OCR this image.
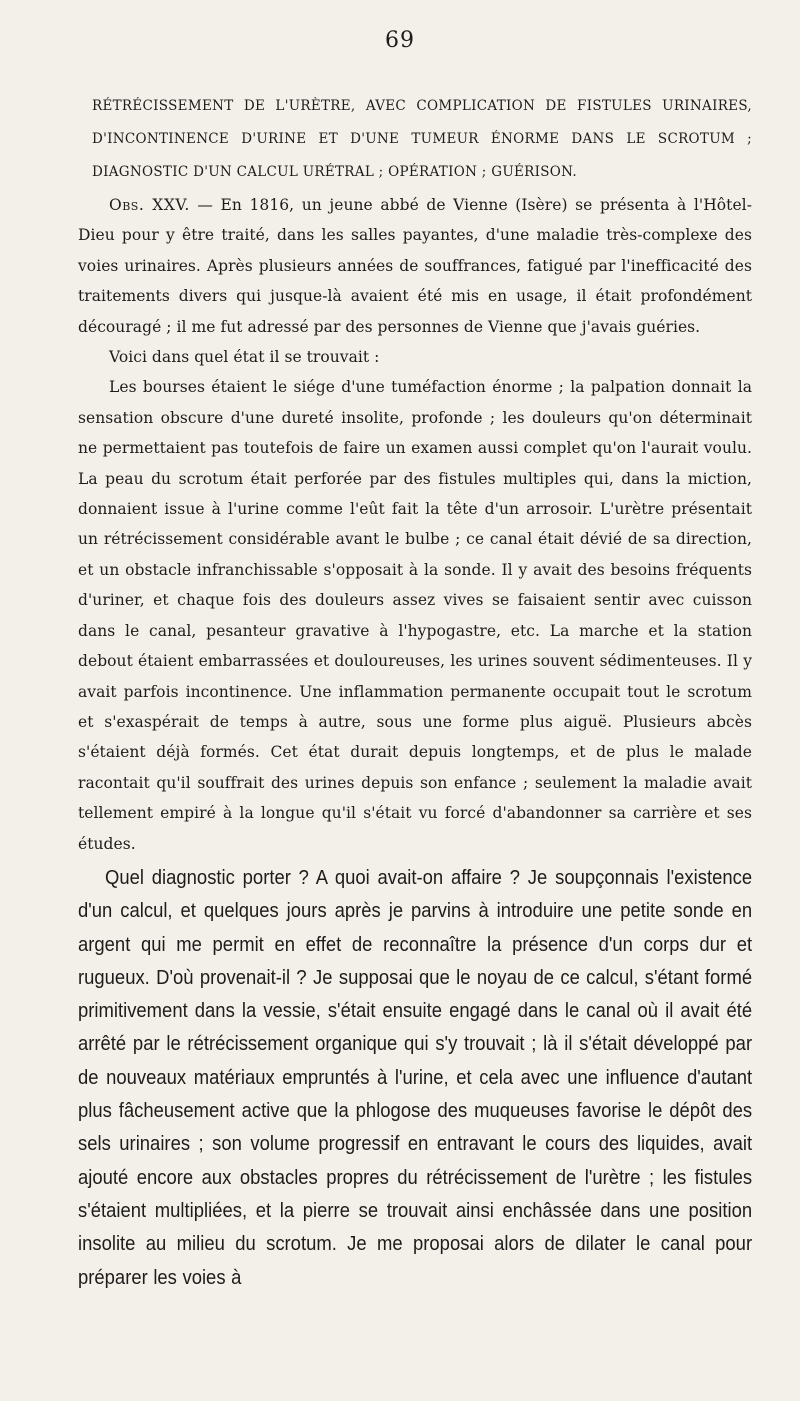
69
RÉTRÉCISSEMENT DE L'URÈTRE, AVEC COMPLICATION DE FISTULES URINAIRES, D'INCONTINENCE D'URINE ET D'UNE TUMEUR ÉNORME DANS LE SCROTUM ; DIAGNOSTIC D'UN CALCUL URÉTRAL ; OPÉRATION ; GUÉRISON.

Obs. XXV. — En 1816, un jeune abbé de Vienne (Isère) se présenta à l'Hôtel-Dieu pour y être traité, dans les salles payantes, d'une maladie très-complexe des voies urinaires. Après plusieurs années de souffrances, fatigué par l'inefficacité des traitements divers qui jusque-là avaient été mis en usage, il était profondément découragé ; il me fut adressé par des personnes de Vienne que j'avais guéries.

Voici dans quel état il se trouvait :

Les bourses étaient le siége d'une tuméfaction énorme ; la palpation donnait la sensation obscure d'une dureté insolite, profonde ; les douleurs qu'on déterminait ne permettaient pas toutefois de faire un examen aussi complet qu'on l'aurait voulu. La peau du scrotum était perforée par des fistules multiples qui, dans la miction, donnaient issue à l'urine comme l'eût fait la tête d'un arrosoir. L'urètre présentait un rétrécissement considérable avant le bulbe ; ce canal était dévié de sa direction, et un obstacle infranchissable s'opposait à la sonde. Il y avait des besoins fréquents d'uriner, et chaque fois des douleurs assez vives se faisaient sentir avec cuisson dans le canal, pesanteur gravative à l'hypogastre, etc. La marche et la station debout étaient embarrassées et douloureuses, les urines souvent sédimenteuses. Il y avait parfois incontinence. Une inflammation permanente occupait tout le scrotum et s'exaspérait de temps à autre, sous une forme plus aiguë. Plusieurs abcès s'étaient déjà formés. Cet état durait depuis longtemps, et de plus le malade racontait qu'il souffrait des urines depuis son enfance ; seulement la maladie avait tellement empiré à la longue qu'il s'était vu forcé d'abandonner sa carrière et ses études.

Quel diagnostic porter ? A quoi avait-on affaire ? Je soupçonnais l'existence d'un calcul, et quelques jours après je parvins à introduire une petite sonde en argent qui me permit en effet de reconnaître la présence d'un corps dur et rugueux. D'où provenait-il ? Je supposai que le noyau de ce calcul, s'étant formé primitivement dans la vessie, s'était ensuite engagé dans le canal où il avait été arrêté par le rétrécissement organique qui s'y trouvait ; là il s'était développé par de nouveaux matériaux empruntés à l'urine, et cela avec une influence d'autant plus fâcheusement active que la phlogose des muqueuses favorise le dépôt des sels urinaires ; son volume progressif en entravant le cours des liquides, avait ajouté encore aux obstacles propres du rétrécissement de l'urètre ; les fistules s'étaient multipliées, et la pierre se trouvait ainsi enchâssée dans une position insolite au milieu du scrotum. Je me proposai alors de dilater le canal pour préparer les voies à
